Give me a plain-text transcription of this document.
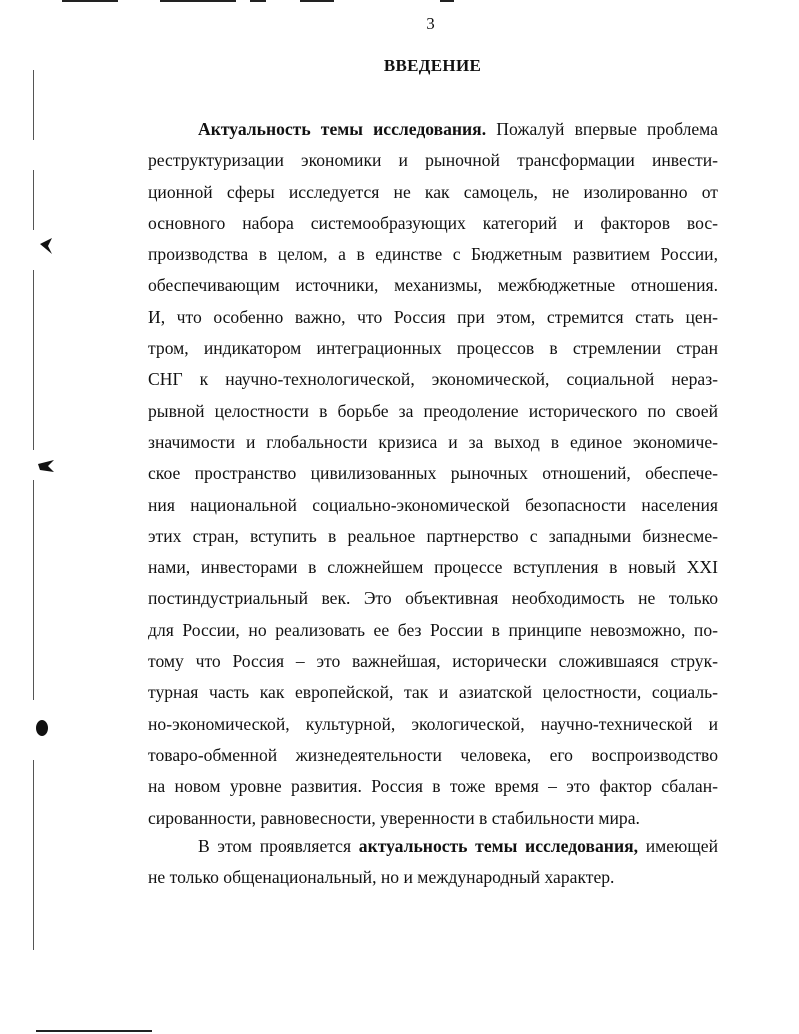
3
ВВЕДЕНИЕ
Актуальность темы исследования. Пожалуй впервые проблема
реструктуризации экономики и рыночной трансформации инвести-
ционной сферы исследуется не как самоцель, не изолированно от
основного набора системообразующих категорий и факторов вос-
производства в целом, а в единстве с Бюджетным развитием России,
обеспечивающим источники, механизмы, межбюджетные отношения.
И, что особенно важно, что Россия при этом, стремится стать цен-
тром, индикатором интеграционных процессов в стремлении стран
СНГ к научно-технологической, экономической, социальной нераз-
рывной целостности в борьбе за преодоление исторического по своей
значимости и глобальности кризиса и за выход в единое экономиче-
ское пространство цивилизованных рыночных отношений, обеспече-
ния национальной социально-экономической безопасности населения
этих стран, вступить в реальное партнерство с западными бизнесме-
нами, инвесторами в сложнейшем процессе вступления в новый XXI
постиндустриальный век. Это объективная необходимость не только
для России, но реализовать ее без России в принципе невозможно, по-
тому что Россия – это важнейшая, исторически сложившаяся струк-
турная часть как европейской, так и азиатской целостности, социаль-
но-экономической, культурной, экологической, научно-технической и
товаро-обменной жизнедеятельности человека, его воспроизводство
на новом уровне развития. Россия в тоже время – это фактор сбалан-
сированности, равновесности, уверенности в стабильности мира.
В этом проявляется актуальность темы исследования, имеющей
не только общенациональный, но и международный характер.
